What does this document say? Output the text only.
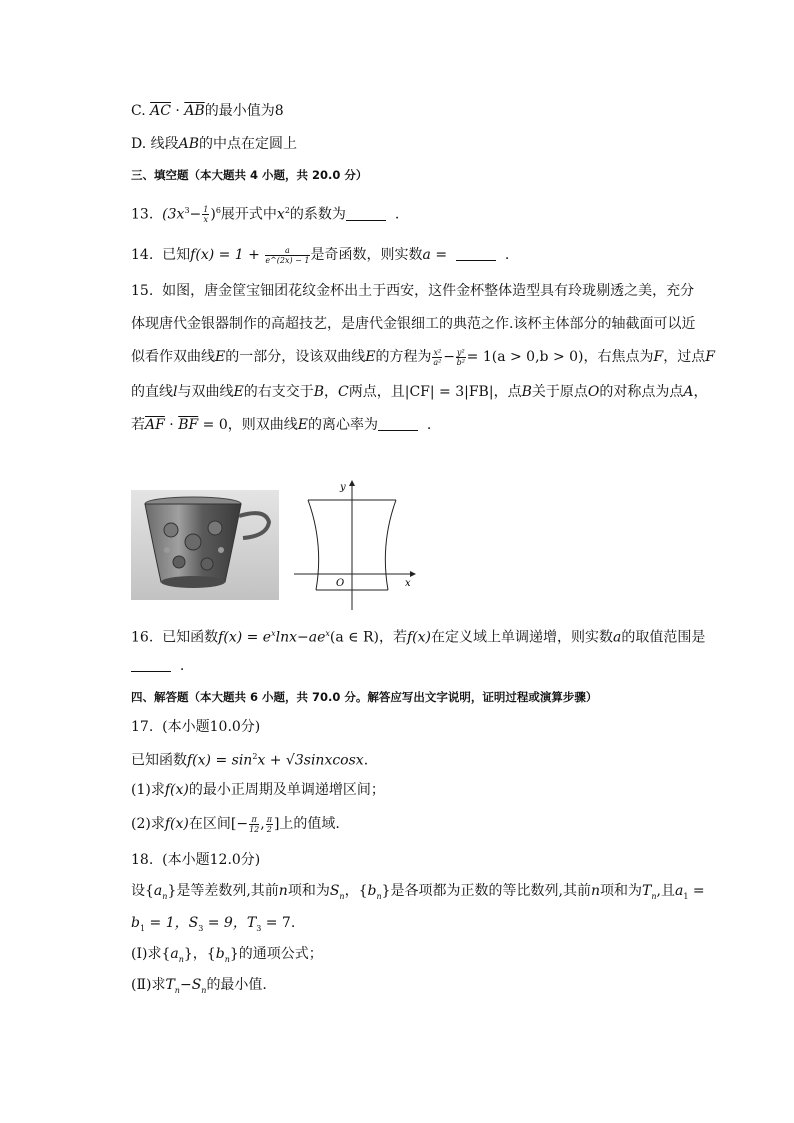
C. $\overline{AC} \cdot \overline{AB}$的最小值为8
D. 线段AB的中点在定圆上
三、填空题（本大题共 4 小题，共 20.0 分）
13. $(3x^3- \frac{1}{x} )^6$展开式中$x^2$的系数为	.
14. 已知$f(x) = 1 + \frac{a}{e\^{}(2x) - 1}$ 是奇函数，则实数a =	.
15. 如图，唐金筐宝钿团花纹金杯出土于西安，这件金杯整体造型具有玲珑剔透之美，充分
体现唐代金银器制作的高超技艺，是唐代金银细工的典范之作.该杯主体部分的轴截面可以近
似看作双曲线E的一部分，设该双曲线E的方程为 $\frac{\text{x²}}{\text{a²}} - \frac{\text{y²}}{\text{b²}} = 1(a > 0,b > 0)$，右焦点为F，过点F
的直线l与双曲线E的右支交于B，C两点，且|CF| = 3|FB|，点B关于原点O的对称点为点A，
若$\overline{AF} \cdot \overline{BF} = 0$，则双曲线E的离心率为	.
y
x
O
16. 已知函数$f(x) = e^x\ln x-ae^x(a$ ∈ R)，若f(x)在定义域上单调递增，则实数a的取值范围是
.
四、解答题（本大题共 6 小题，共 70.0 分。解答应写出文字说明，证明过程或演算步骤）
17. (本小题10.0分)
已知函数$f(x) = \sin^2x$ + √3sinxcosx.
(1)求f(x)的最小正周期及单调递增区间；
(2)求f(x)在区间[− $\frac{\pi}{12}$ , $\frac{\pi}{2}$ ]上的值域.
18. (本小题12.0分)
设$\{a_n\}$是等差数列,其前n项和为$S_n$，$\{b_n\}$是各项都为正数的等比数列,其前n项和为$T_n$,且$a_1$ =
$b_1 = 1$，$S_3 = 9$，$T_3 = 7$.
(Ⅰ)求$\{a_n\}$，$\{b_n\}$的通项公式；
(Ⅱ)求$T_n-S_n$的最小值.
